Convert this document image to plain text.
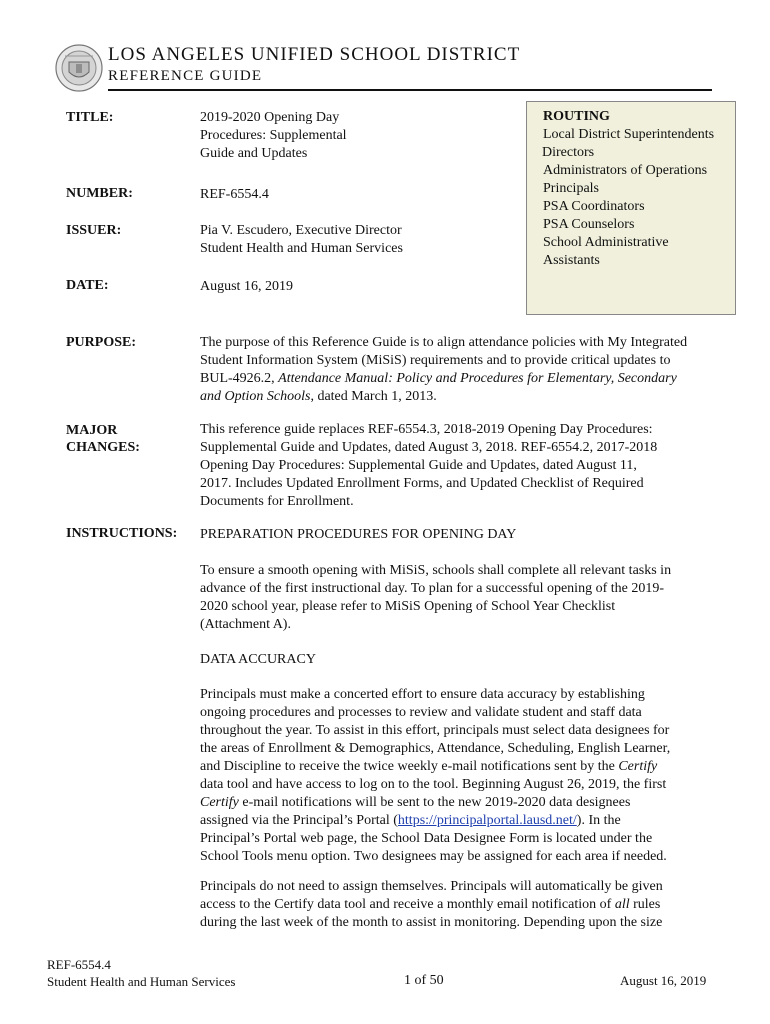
LOS ANGELES UNIFIED SCHOOL DISTRICT
REFERENCE GUIDE
TITLE:	2019-2020 Opening Day
Procedures: Supplemental
Guide and Updates
NUMBER:	REF-6554.4
ISSUER:	Pia V. Escudero, Executive Director
Student Health and Human Services
DATE:	August 16, 2019
ROUTING
Local District Superintendents
Directors
Administrators of Operations
Principals
PSA Coordinators
PSA Counselors
School Administrative
Assistants
PURPOSE:	The purpose of this Reference Guide is to align attendance policies with My Integrated
Student Information System (MiSiS) requirements and to provide critical updates to
BUL-4926.2, Attendance Manual: Policy and Procedures for Elementary, Secondary
and Option Schools, dated March 1, 2013.
MAJOR
CHANGES:
This reference guide replaces REF-6554.3, 2018-2019 Opening Day Procedures:
Supplemental Guide and Updates, dated August 3, 2018. REF-6554.2, 2017-2018
Opening Day Procedures: Supplemental Guide and Updates, dated August 11,
2017. Includes Updated Enrollment Forms, and Updated Checklist of Required
Documents for Enrollment.
INSTRUCTIONS: PREPARATION PROCEDURES FOR OPENING DAY
To ensure a smooth opening with MiSiS, schools shall complete all relevant tasks in
advance of the first instructional day. To plan for a successful opening of the 2019-
2020 school year, please refer to MiSiS Opening of School Year Checklist
(Attachment A).
DATA ACCURACY
Principals must make a concerted effort to ensure data accuracy by establishing
ongoing procedures and processes to review and validate student and staff data
throughout the year. To assist in this effort, principals must select data designees for
the areas of Enrollment & Demographics, Attendance, Scheduling, English Learner,
and Discipline to receive the twice weekly e-mail notifications sent by the Certify
data tool and have access to log on to the tool. Beginning August 26, 2019, the first
Certify e-mail notifications will be sent to the new 2019-2020 data designees
assigned via the Principal’s Portal (https://principalportal.lausd.net/). In the
Principal’s Portal web page, the School Data Designee Form is located under the
School Tools menu option. Two designees may be assigned for each area if needed.
Principals do not need to assign themselves. Principals will automatically be given
access to the Certify data tool and receive a monthly email notification of all rules
during the last week of the month to assist in monitoring. Depending upon the size
REF-6554.4
Student Health and Human Services	1 of 50	August 16, 2019
